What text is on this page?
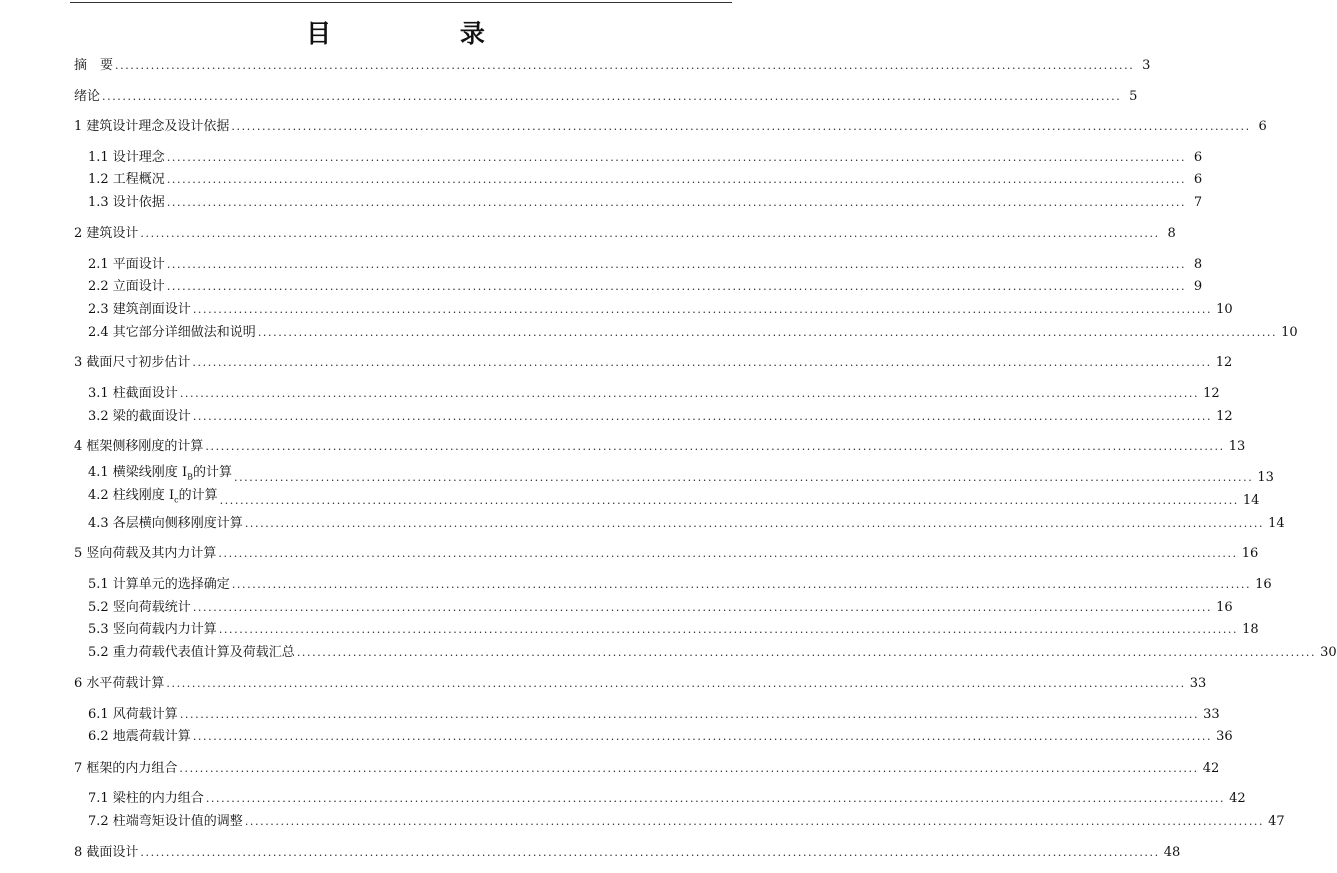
目 录
摘　要 ........................................................................................................................................................................................................ 3
绪论 ........................................................................................................................................................................................................ 5
1 建筑设计理念及设计依据 ........................................................................................................................................................................................................ 6
1.1 设计理念 ........................................................................................................................................................................................................ 6
1.2 工程概况 ........................................................................................................................................................................................................ 6
1.3 设计依据 ........................................................................................................................................................................................................ 7
2 建筑设计 ........................................................................................................................................................................................................ 8
2.1 平面设计 ........................................................................................................................................................................................................ 8
2.2 立面设计 ........................................................................................................................................................................................................ 9
2.3 建筑剖面设计 ........................................................................................................................................................................................................ 10
2.4 其它部分详细做法和说明 ........................................................................................................................................................................................................ 10
3 截面尺寸初步估计 ........................................................................................................................................................................................................ 12
3.1 柱截面设计 ........................................................................................................................................................................................................ 12
3.2 梁的截面设计 ........................................................................................................................................................................................................ 12
4 框架侧移刚度的计算 ........................................................................................................................................................................................................ 13
4.1 横梁线刚度 $I_B$的计算 ........................................................................................................................................................................................................ 13
4.2 柱线刚度 $I_c$的计算 ........................................................................................................................................................................................................ 14
4.3 各层横向侧移刚度计算 ........................................................................................................................................................................................................ 14
5 竖向荷载及其内力计算 ........................................................................................................................................................................................................ 16
5.1 计算单元的选择确定 ........................................................................................................................................................................................................ 16
5.2 竖向荷载统计 ........................................................................................................................................................................................................ 16
5.3 竖向荷载内力计算 ........................................................................................................................................................................................................ 18
5.2 重力荷载代表值计算及荷载汇总 ........................................................................................................................................................................................................ 30
6 水平荷载计算 ........................................................................................................................................................................................................ 33
6.1 风荷载计算 ........................................................................................................................................................................................................ 33
6.2 地震荷载计算 ........................................................................................................................................................................................................ 36
7 框架的内力组合 ........................................................................................................................................................................................................ 42
7.1 梁柱的内力组合 ........................................................................................................................................................................................................ 42
7.2 柱端弯矩设计值的调整 ........................................................................................................................................................................................................ 47
8 截面设计 ........................................................................................................................................................................................................ 48
